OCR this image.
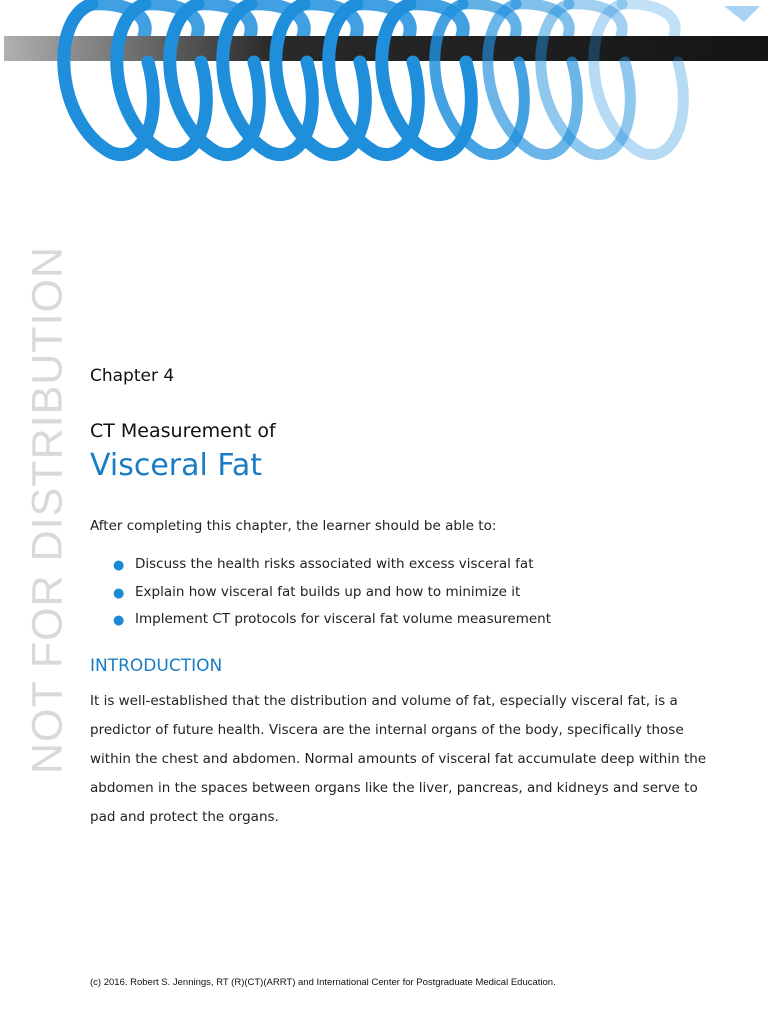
NOT FOR DISTRIBUTION Chapter 4
CT Measurement of
Visceral Fat
After completing this chapter, the learner should be able to:
● Discuss the health risks associated with excess visceral fat
● Explain how visceral fat builds up and how to minimize it
● Implement CT protocols for visceral fat volume measurement
INTRODUCTION
It is well-established that the distribution and volume of fat, especially visceral fat, is a
predictor of future health. Viscera are the internal organs of the body, specifically those
within the chest and abdomen. Normal amounts of visceral fat accumulate deep within the
abdomen in the spaces between organs like the liver, pancreas, and kidneys and serve to
pad and protect the organs.
(c) 2016. Robert S. Jennings, RT (R)(CT)(ARRT) and International Center for Postgraduate Medical Education.
